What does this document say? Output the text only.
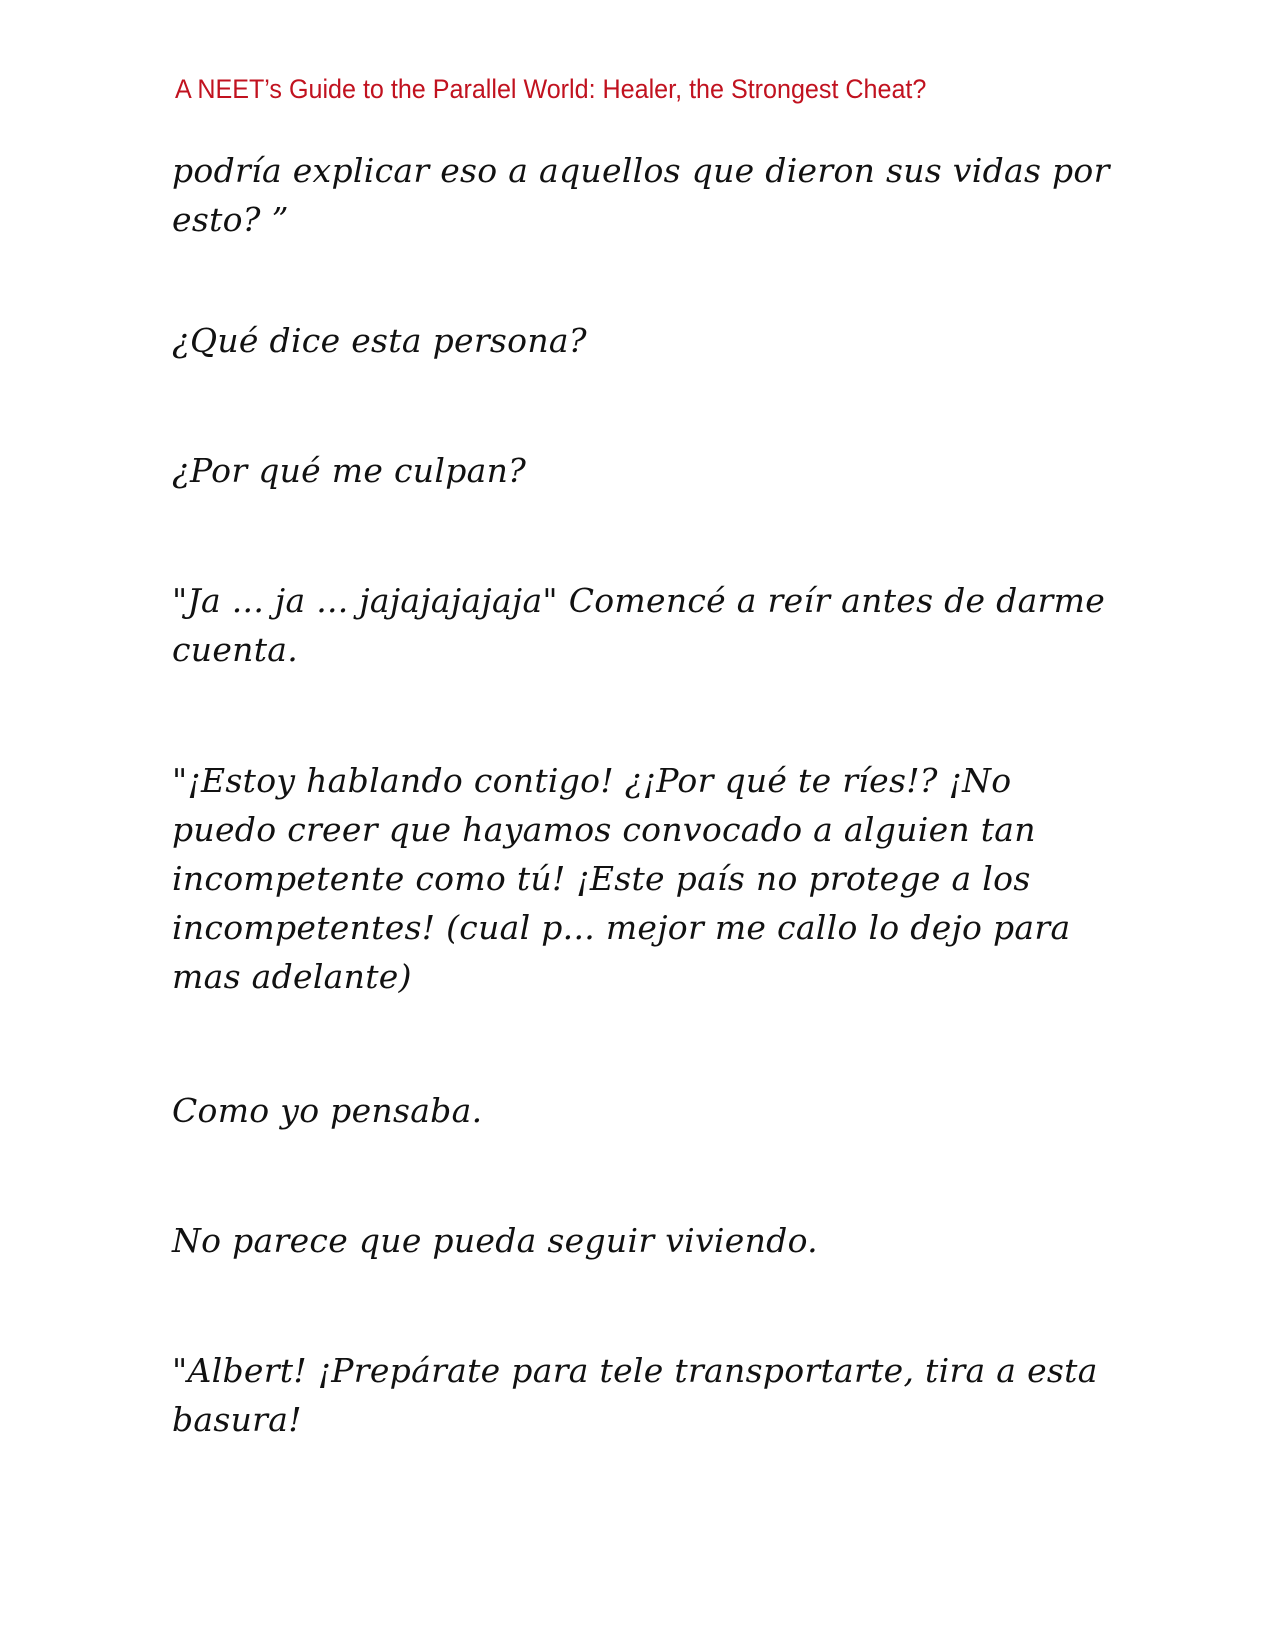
A NEET’s Guide to the Parallel World: Healer, the Strongest Cheat?

podría explicar eso a aquellos que dieron sus vidas por esto? ”

¿Qué dice esta persona?

¿Por qué me culpan?

"Ja ... ja ... jajajajajaja" Comencé a reír antes de darme cuenta.

"¡Estoy hablando contigo! ¿¡Por qué te ríes!? ¡No puedo creer que hayamos convocado a alguien tan incompetente como tú! ¡Este país no protege a los incompetentes! (cual p... mejor me callo lo dejo para mas adelante)

Como yo pensaba.

No parece que pueda seguir viviendo.

"Albert! ¡Prepárate para tele transportarte, tira a esta basura!
